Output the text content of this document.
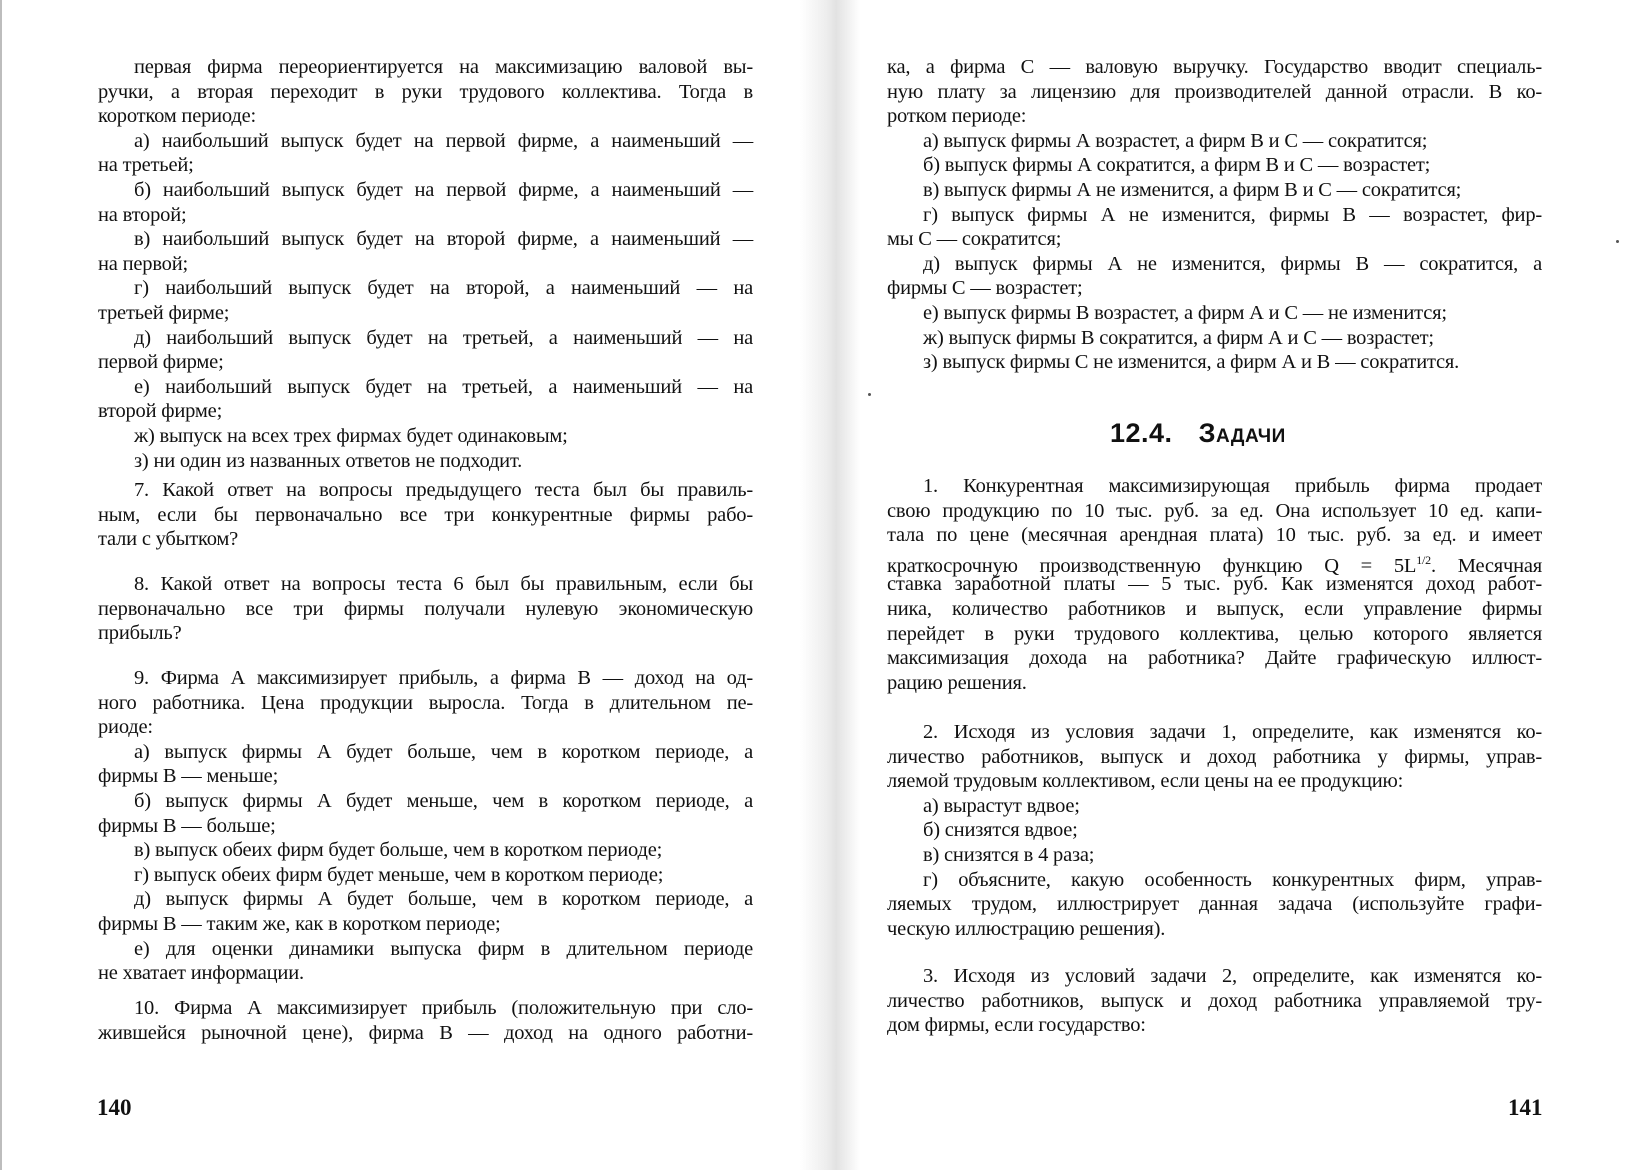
первая фирма переориентируется на максимизацию валовой вы-
ручки, а вторая переходит в руки трудового коллектива. Тогда в
коротком периоде:
а) наибольший выпуск будет на первой фирме, а наименьший —
на третьей;
б) наибольший выпуск будет на первой фирме, а наименьший —
на второй;
в) наибольший выпуск будет на второй фирме, а наименьший —
на первой;
г) наибольший выпуск будет на второй, а наименьший — на
третьей фирме;
д) наибольший выпуск будет на третьей, а наименьший — на
первой фирме;
е) наибольший выпуск будет на третьей, а наименьший — на
второй фирме;
ж) выпуск на всех трех фирмах будет одинаковым;
з) ни один из названных ответов не подходит.
7. Какой ответ на вопросы предыдущего теста был бы правиль-
ным, если бы первоначально все три конкурентные фирмы рабо-
тали с убытком?
8. Какой ответ на вопросы теста 6 был бы правильным, если бы
первоначально все три фирмы получали нулевую экономическую
прибыль?
9. Фирма А максимизирует прибыль, а фирма В — доход на од-
ного работника. Цена продукции выросла. Тогда в длительном пе-
риоде:
а) выпуск фирмы А будет больше, чем в коротком периоде, а
фирмы В — меньше;
б) выпуск фирмы А будет меньше, чем в коротком периоде, а
фирмы В — больше;
в) выпуск обеих фирм будет больше, чем в коротком периоде;
г) выпуск обеих фирм будет меньше, чем в коротком периоде;
д) выпуск фирмы А будет больше, чем в коротком периоде, а
фирмы В — таким же, как в коротком периоде;
е) для оценки динамики выпуска фирм в длительном периоде
не хватает информации.
10. Фирма А максимизирует прибыль (положительную при сло-
жившейся рыночной цене), фирма В — доход на одного работни-
140
ка, а фирма С — валовую выручку. Государство вводит специаль-
ную плату за лицензию для производителей данной отрасли. В ко-
ротком периоде:
а) выпуск фирмы А возрастет, а фирм В и С — сократится;
б) выпуск фирмы А сократится, а фирм В и С — возрастет;
в) выпуск фирмы А не изменится, а фирм В и С — сократится;
г) выпуск фирмы А не изменится, фирмы В — возрастет, фир-
мы С — сократится;
д) выпуск фирмы А не изменится, фирмы В — сократится, а
фирмы С — возрастет;
е) выпуск фирмы В возрастет, а фирм А и С — не изменится;
ж) выпуск фирмы В сократится, а фирм А и С — возрастет;
з) выпуск фирмы С не изменится, а фирм А и В — сократится.
1. Конкурентная максимизирующая прибыль фирма продает
свою продукцию по 10 тыс. руб. за ед. Она использует 10 ед. капи-
тала по цене (месячная арендная плата) 10 тыс. руб. за ед. и имеет
краткосрочную производственную функцию $Q = 5L^{1/2}$. Месячная
ставка заработной платы — 5 тыс. руб. Как изменятся доход работ-
ника, количество работников и выпуск, если управление фирмы
перейдет в руки трудового коллектива, целью которого является
максимизация дохода на работника? Дайте графическую иллюст-
рацию решения.
2. Исходя из условия задачи 1, определите, как изменятся ко-
личество работников, выпуск и доход работника у фирмы, управ-
ляемой трудовым коллективом, если цены на ее продукцию:
а) вырастут вдвое;
б) снизятся вдвое;
в) снизятся в 4 раза;
г) объясните, какую особенность конкурентных фирм, управ-
ляемых трудом, иллюстрирует данная задача (используйте графи-
ческую иллюстрацию решения).
3. Исходя из условий задачи 2, определите, как изменятся ко-
личество работников, выпуск и доход работника управляемой тру-
дом фирмы, если государство:
12.4. Задачи
141
